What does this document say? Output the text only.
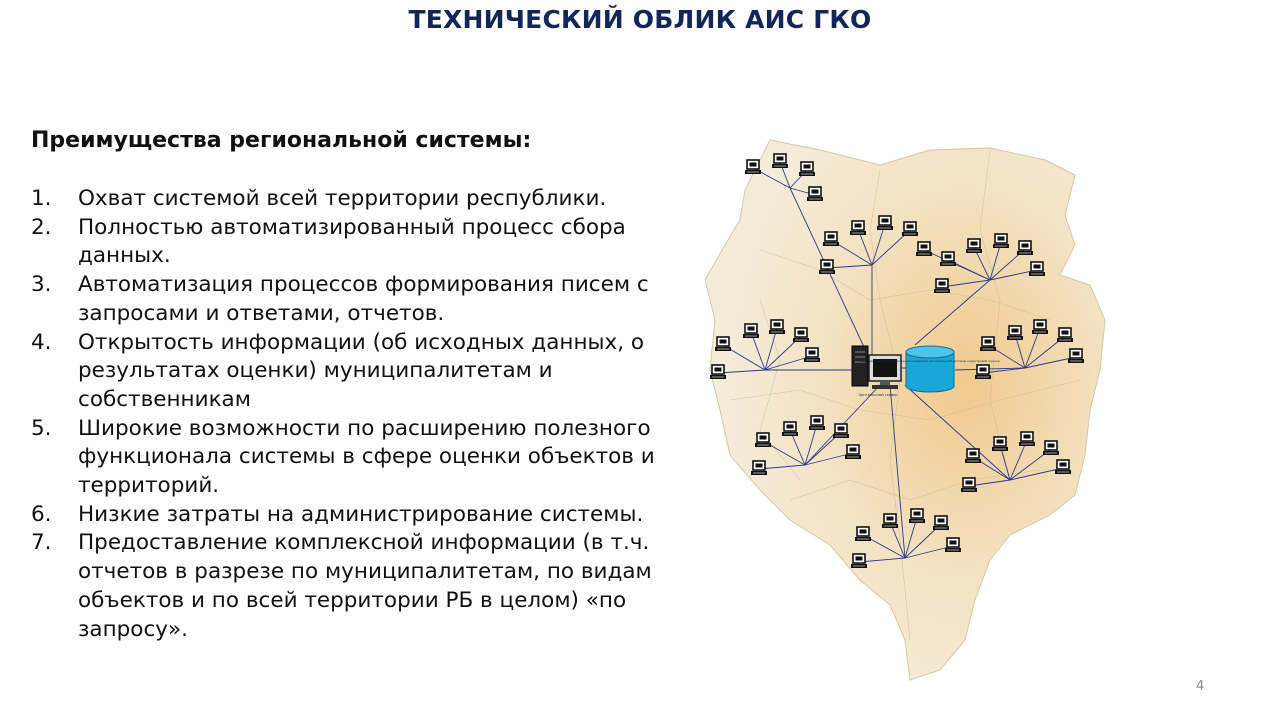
ТЕХНИЧЕСКИЙ ОБЛИК АИС ГКО
Преимущества региональной системы:
1. Охват системой всей территории республики.
2. Полностью автоматизированный процесс сбора данных.
3. Автоматизация процессов формирования писем с запросами и ответами, отчетов.
4. Открытость информации (об исходных данных, о результатах оценки) муниципалитетам и собственникам
5. Широкие возможности по расширению полезного функционала системы в сфере оценки объектов и территорий.
6. Низкие затраты на администрирование системы.
7. Предоставление комплексной информации (в т.ч. отчетов в разрезе по муниципалитетам, по видам объектов и по всей территории РБ в целом) «по запросу».
Центральный сервер
База данных по формированию и ведению региональной системы кадастровой оценки
4
